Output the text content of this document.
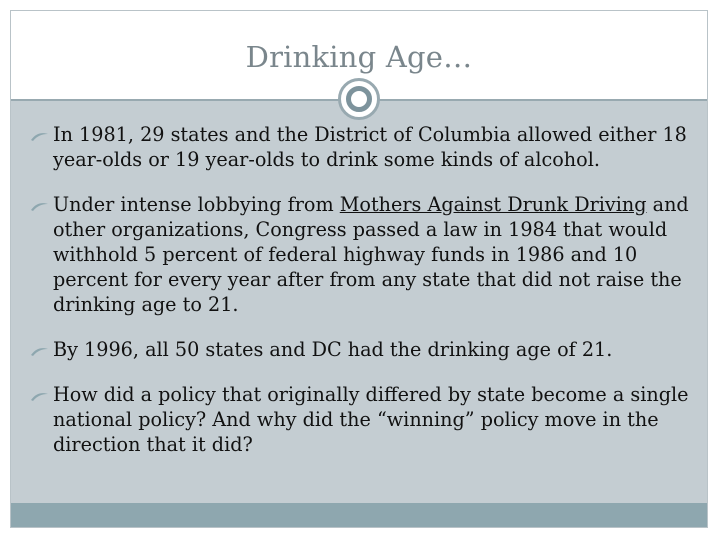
Drinking Age…
In 1981, 29 states and the District of Columbia allowed either 18 year-olds or 19 year-olds to drink some kinds of alcohol.
Under intense lobbying from Mothers Against Drunk Driving and other organizations, Congress passed a law in 1984 that would withhold 5 percent of federal highway funds in 1986 and 10 percent for every year after from any state that did not raise the drinking age to 21.
By 1996, all 50 states and DC had the drinking age of 21.
How did a policy that originally differed by state become a single national policy? And why did the “winning” policy move in the direction that it did?
